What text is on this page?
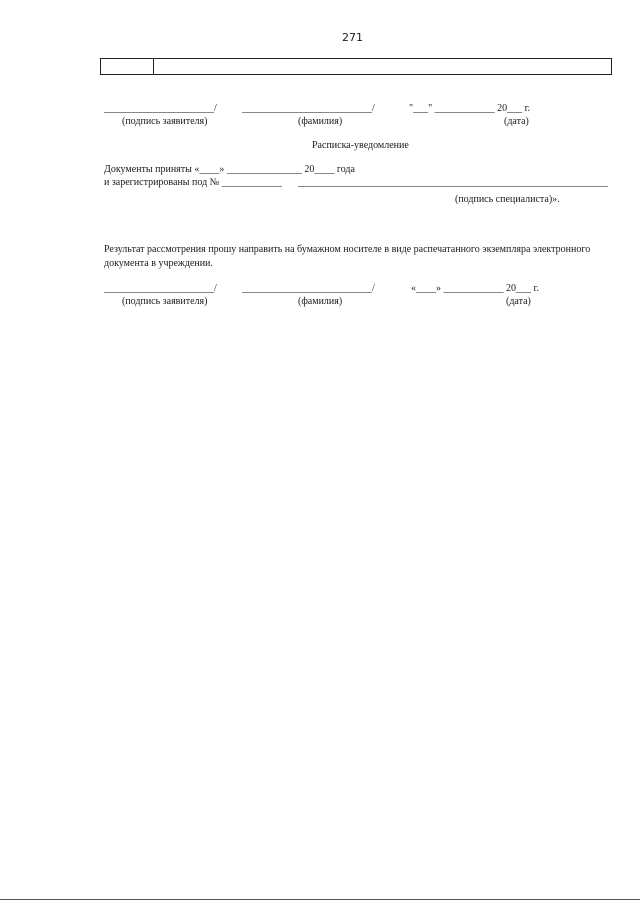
271
______________________/	__________________________/	"___" ____________ 20___ г.
(подпись заявителя)	(фамилия)	(дата)
Расписка-уведомление
Документы приняты «____» _______________ 20____ года
и зарегистрированы под № ____________ ______________________________________________________________
(подпись специалиста)».
Результат рассмотрения прошу направить на бумажном носителе в виде распечатанного экземпляра электронного
документа в учреждении.
______________________/	__________________________/	«____» ____________ 20___ г.
(подпись заявителя)	(фамилия)	(дата)
